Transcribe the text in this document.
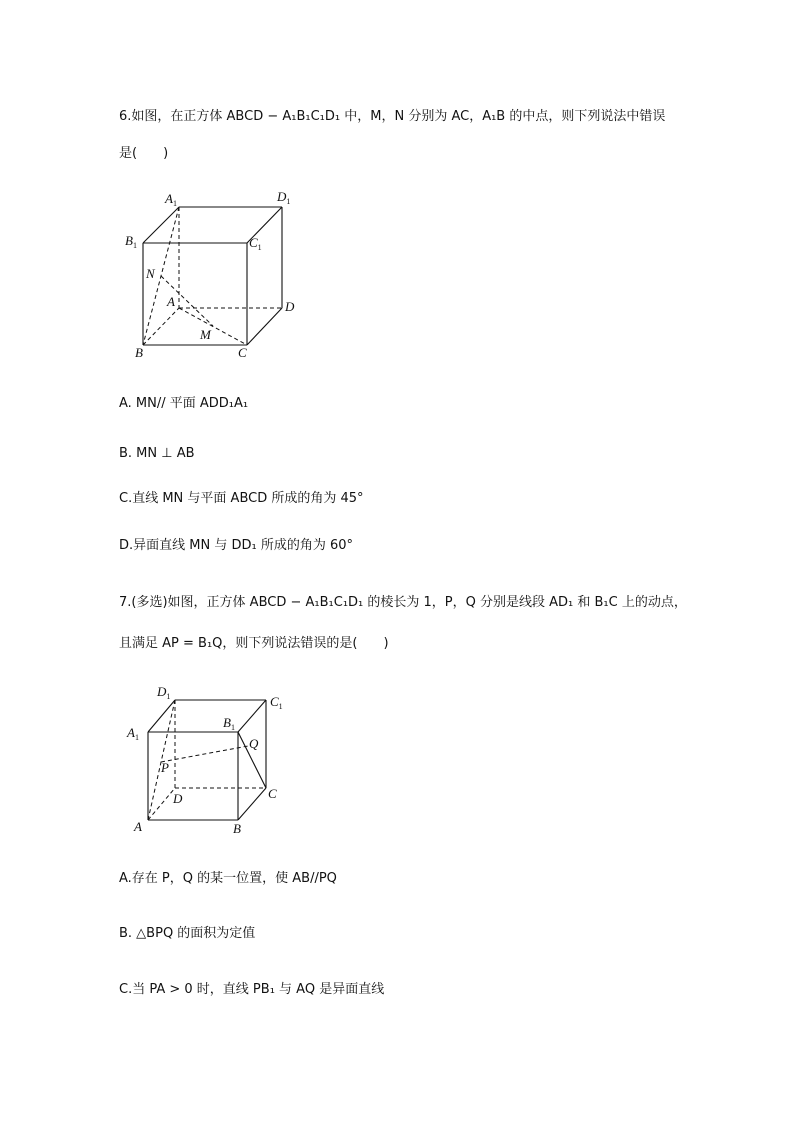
6.如图，在正方体 ABCD − A₁B₁C₁D₁ 中，M，N 分别为 AC，A₁B 的中点，则下列说法中错误
是(　　)
$A_1$	$D_1$
$B_1$	$C_1$
N
A	D
M
B	C
A. MN// 平面 ADD₁A₁
B. MN ⊥ AB
C.直线 MN 与平面 ABCD 所成的角为 45°
D.异面直线 MN 与 DD₁ 所成的角为 60°
7.(多选)如图，正方体 ABCD − A₁B₁C₁D₁ 的棱长为 1，P，Q 分别是线段 AD₁ 和 B₁C 上的动点，
且满足 AP = B₁Q，则下列说法错误的是(　　)
$D_1$	$C_1$
$A_1$
$B_1$
Q
P
D	C
A	B
A.存在 P，Q 的某一位置，使 AB//PQ
B. △BPQ 的面积为定值
C.当 PA > 0 时，直线 PB₁ 与 AQ 是异面直线
